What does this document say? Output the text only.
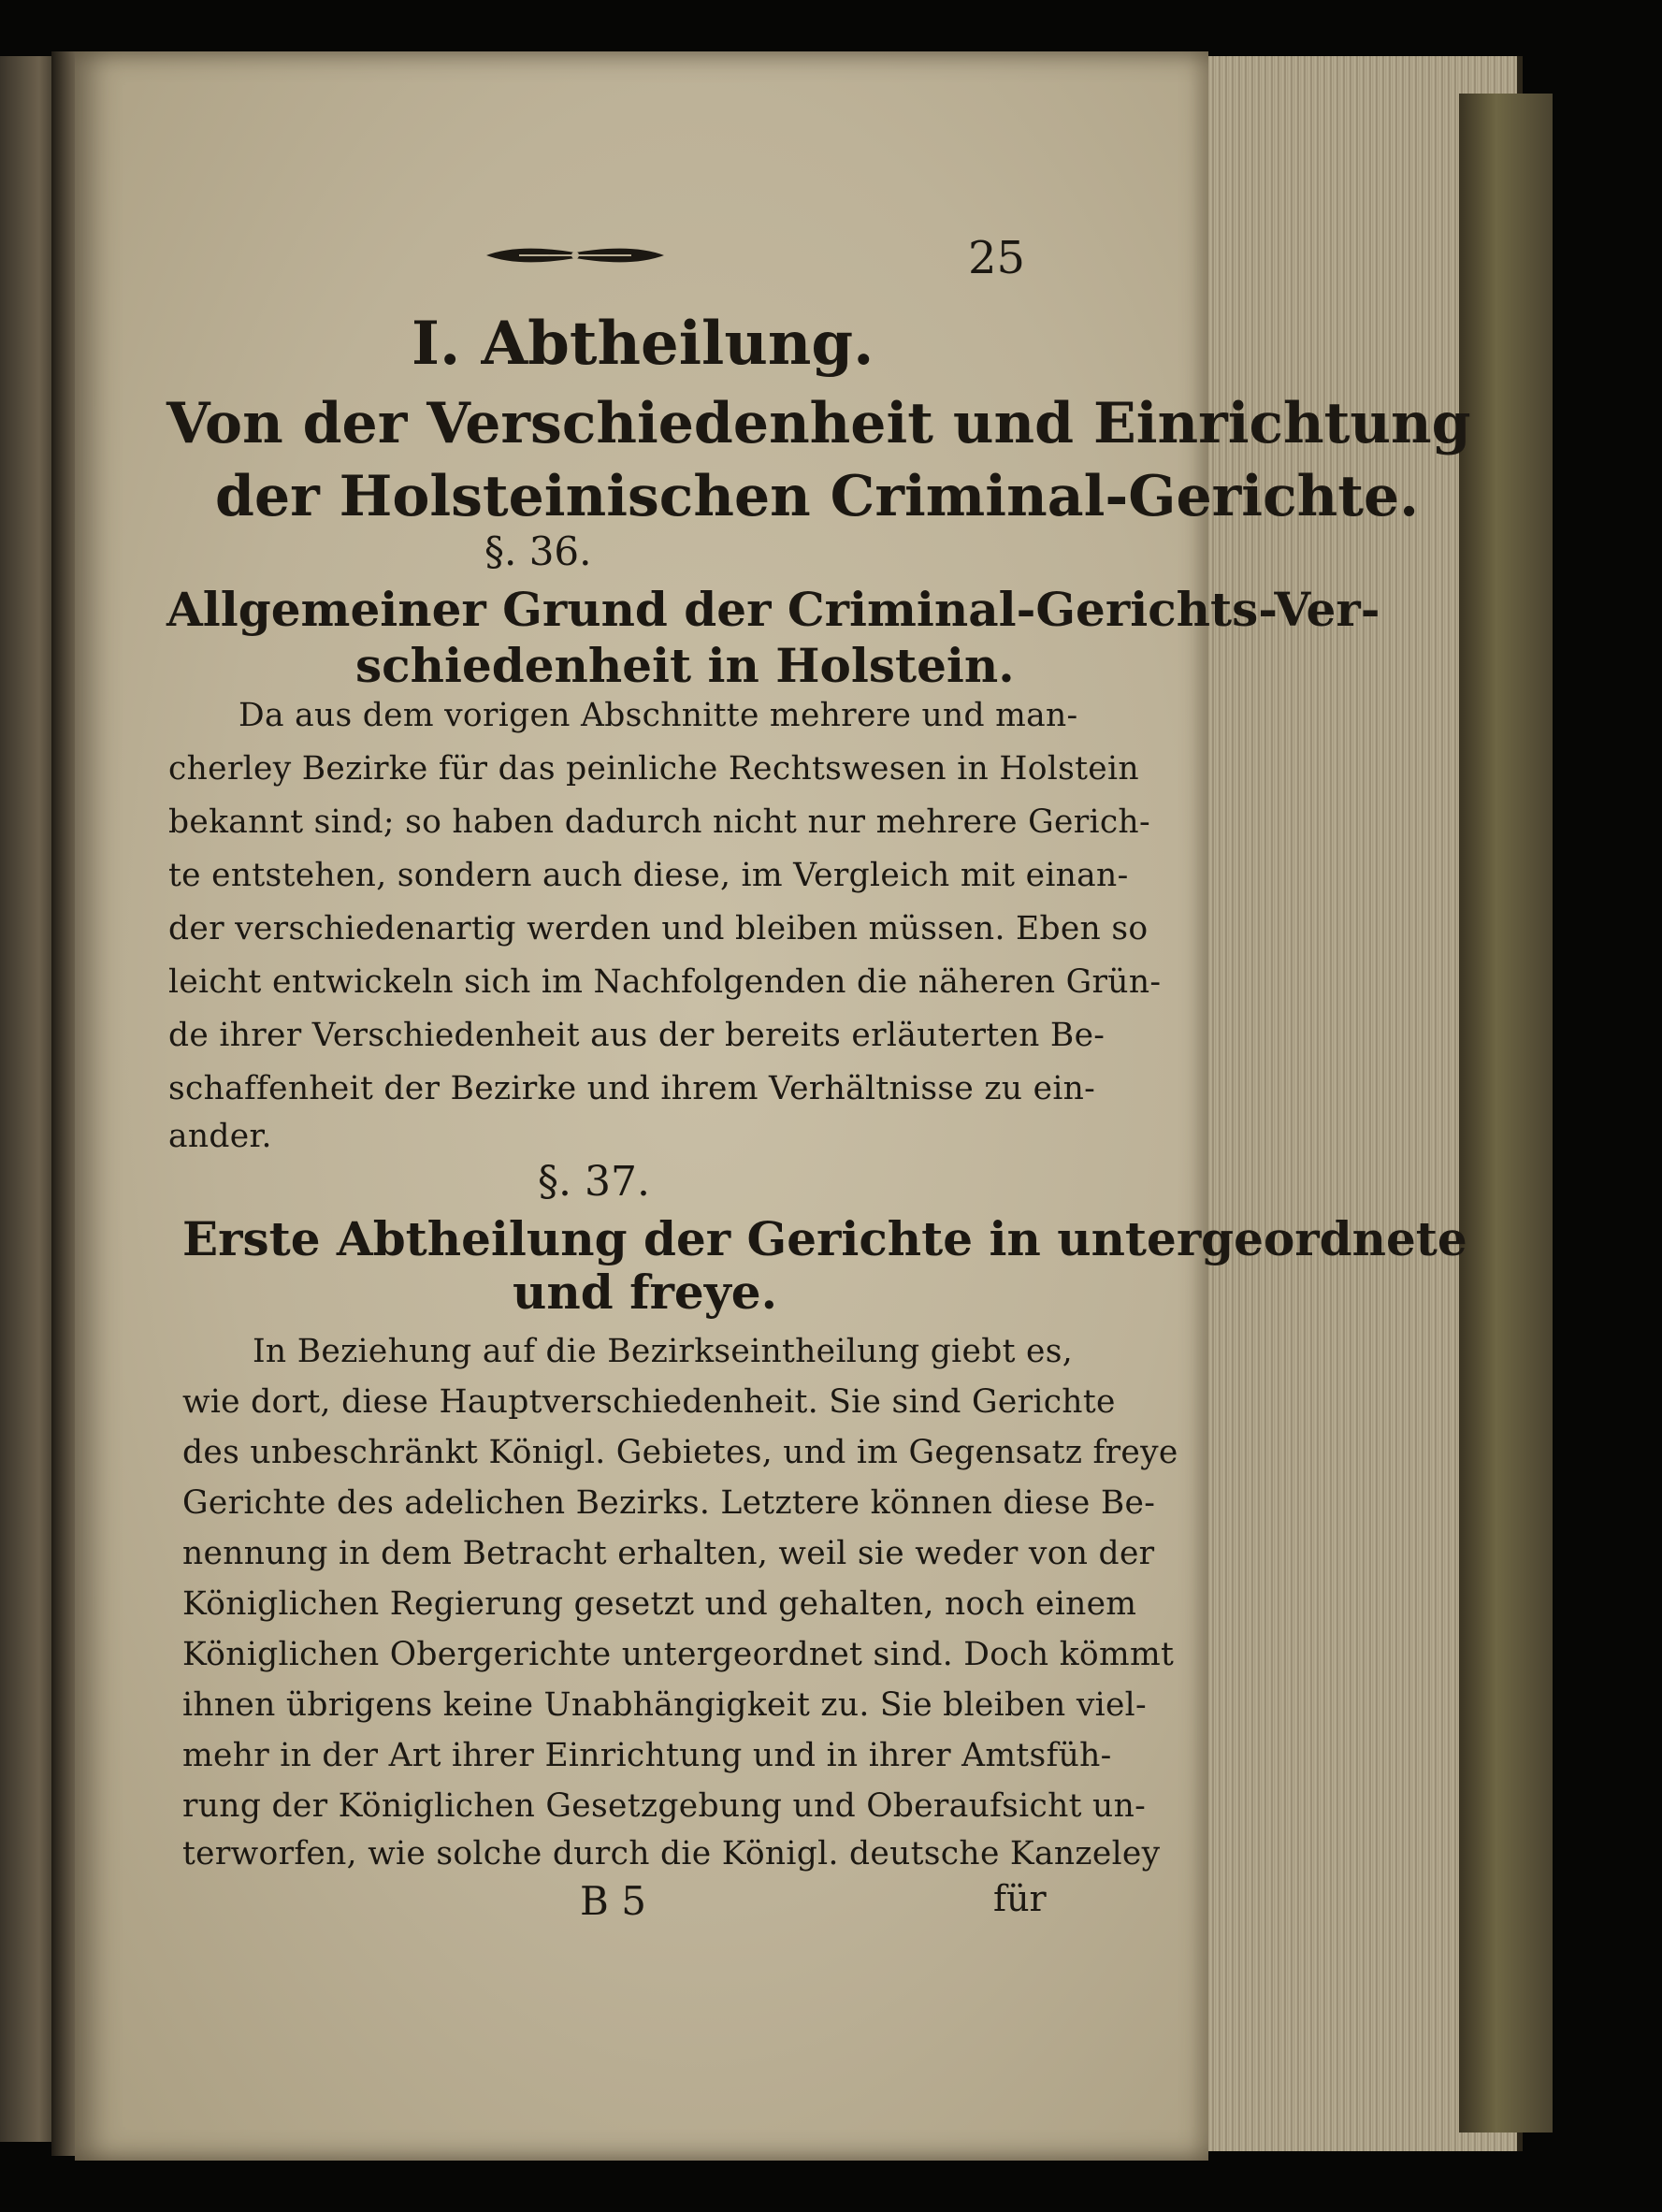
25
I. Abtheilung.
Von der Verschiedenheit und Einrichtung
der Holsteinischen Criminal-Gerichte.
§. 36.
Allgemeiner Grund der Criminal-Gerichts-Ver-
schiedenheit in Holstein.
Da aus dem vorigen Abschnitte mehrere und man-
cherley Bezirke für das peinliche Rechtswesen in Holstein
bekannt sind; so haben dadurch nicht nur mehrere Gerich-
te entstehen, sondern auch diese, im Vergleich mit einan-
der verschiedenartig werden und bleiben müssen. Eben so
leicht entwickeln sich im Nachfolgenden die näheren Grün-
de ihrer Verschiedenheit aus der bereits erläuterten Be-
schaffenheit der Bezirke und ihrem Verhältnisse zu ein-
ander.
§. 37.
Erste Abtheilung der Gerichte in untergeordnete
und freye.
In Beziehung auf die Bezirkseintheilung giebt es,
wie dort, diese Hauptverschiedenheit. Sie sind Gerichte
des unbeschränkt Königl. Gebietes, und im Gegensatz freye
Gerichte des adelichen Bezirks. Letztere können diese Be-
nennung in dem Betracht erhalten, weil sie weder von der
Königlichen Regierung gesetzt und gehalten, noch einem
Königlichen Obergerichte untergeordnet sind. Doch kömmt
ihnen übrigens keine Unabhängigkeit zu. Sie bleiben viel-
mehr in der Art ihrer Einrichtung und in ihrer Amtsfüh-
rung der Königlichen Gesetzgebung und Oberaufsicht un-
terworfen, wie solche durch die Königl. deutsche Kanzeley
B 5	für
